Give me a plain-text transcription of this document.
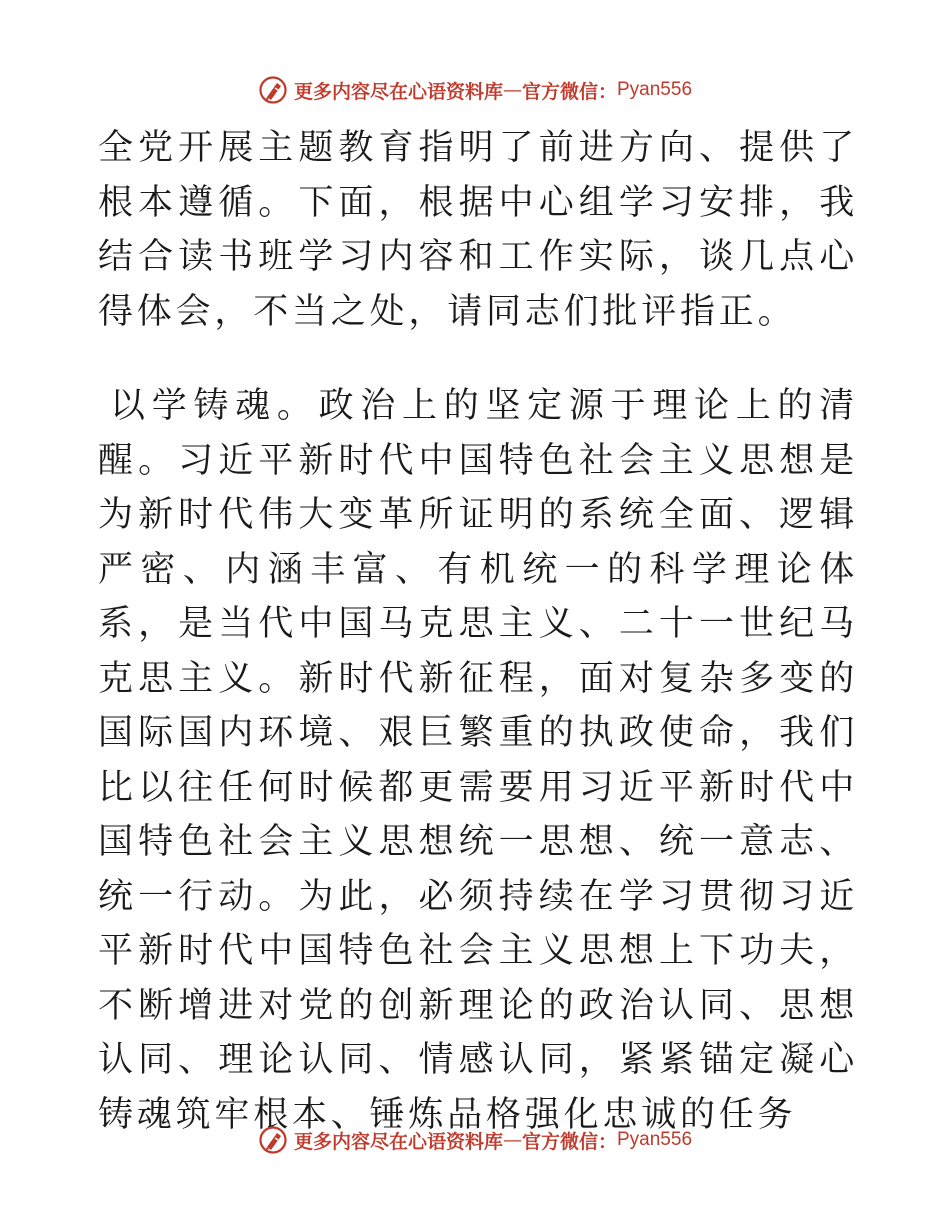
更多内容尽在心语资料库 — 官方微信： Pyan556

全党开展主题教育指明了前进方向、提供了根本遵循。下面，根据中心组学习安排，我结合读书班学习内容和工作实际，谈几点心得体会，不当之处，请同志们批评指正。

以学铸魂。政治上的坚定源于理论上的清醒。习近平新时代中国特色社会主义思想是为新时代伟大变革所证明的系统全面、逻辑严密、内涵丰富、有机统一的科学理论体系，是当代中国马克思主义、二十一世纪马克思主义。新时代新征程，面对复杂多变的国际国内环境、艰巨繁重的执政使命，我们比以往任何时候都更需要用习近平新时代中国特色社会主义思想统一思想、统一意志、统一行动。为此，必须持续在学习贯彻习近平新时代中国特色社会主义思想上下功夫，不断增进对党的创新理论的政治认同、思想认同、理论认同、情感认同，紧紧锚定凝心铸魂筑牢根本、锤炼品格强化忠诚的任务

更多内容尽在心语资料库 — 官方微信： Pyan556
